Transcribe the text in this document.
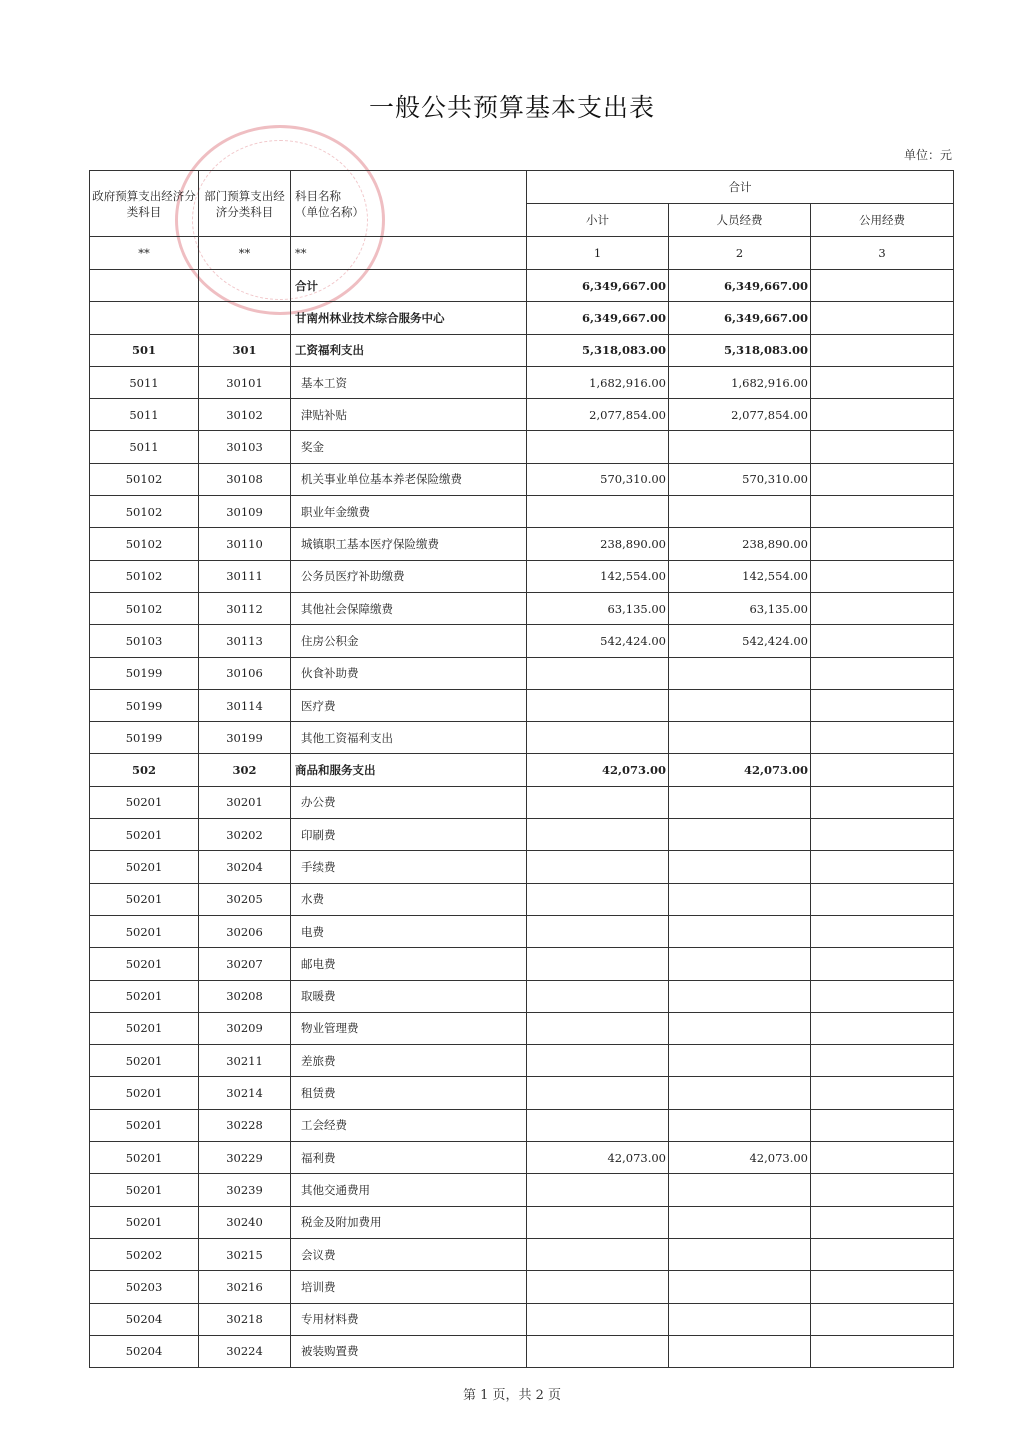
一般公共预算基本支出表
单位：元
政府预算支出经济分类科目	部门预算支出经济分类科目	科目名称
（单位名称）	合计		
			小计	人员经费	公用经费
**	**	**	1	2	3
		合计	6,349,667.00	6,349,667.00	
		甘南州林业技术综合服务中心	6,349,667.00	6,349,667.00	
501	301	工资福利支出	5,318,083.00	5,318,083.00	
5011	30101	基本工资	1,682,916.00	1,682,916.00	
5011	30102	津贴补贴	2,077,854.00	2,077,854.00	
5011	30103	奖金			
50102	30108	机关事业单位基本养老保险缴费	570,310.00	570,310.00	
50102	30109	职业年金缴费			
50102	30110	城镇职工基本医疗保险缴费	238,890.00	238,890.00	
50102	30111	公务员医疗补助缴费	142,554.00	142,554.00	
50102	30112	其他社会保障缴费	63,135.00	63,135.00	
50103	30113	住房公积金	542,424.00	542,424.00	
50199	30106	伙食补助费			
50199	30114	医疗费			
50199	30199	其他工资福利支出			
502	302	商品和服务支出	42,073.00	42,073.00	
50201	30201	办公费			
50201	30202	印刷费			
50201	30204	手续费			
50201	30205	水费			
50201	30206	电费			
50201	30207	邮电费			
50201	30208	取暖费			
50201	30209	物业管理费			
50201	30211	差旅费			
50201	30214	租赁费			
50201	30228	工会经费			
50201	30229	福利费	42,073.00	42,073.00	
50201	30239	其他交通费用			
50201	30240	税金及附加费用			
50202	30215	会议费			
50203	30216	培训费			
50204	30218	专用材料费			
50204	30224	被装购置费			
第 1 页，共 2 页
